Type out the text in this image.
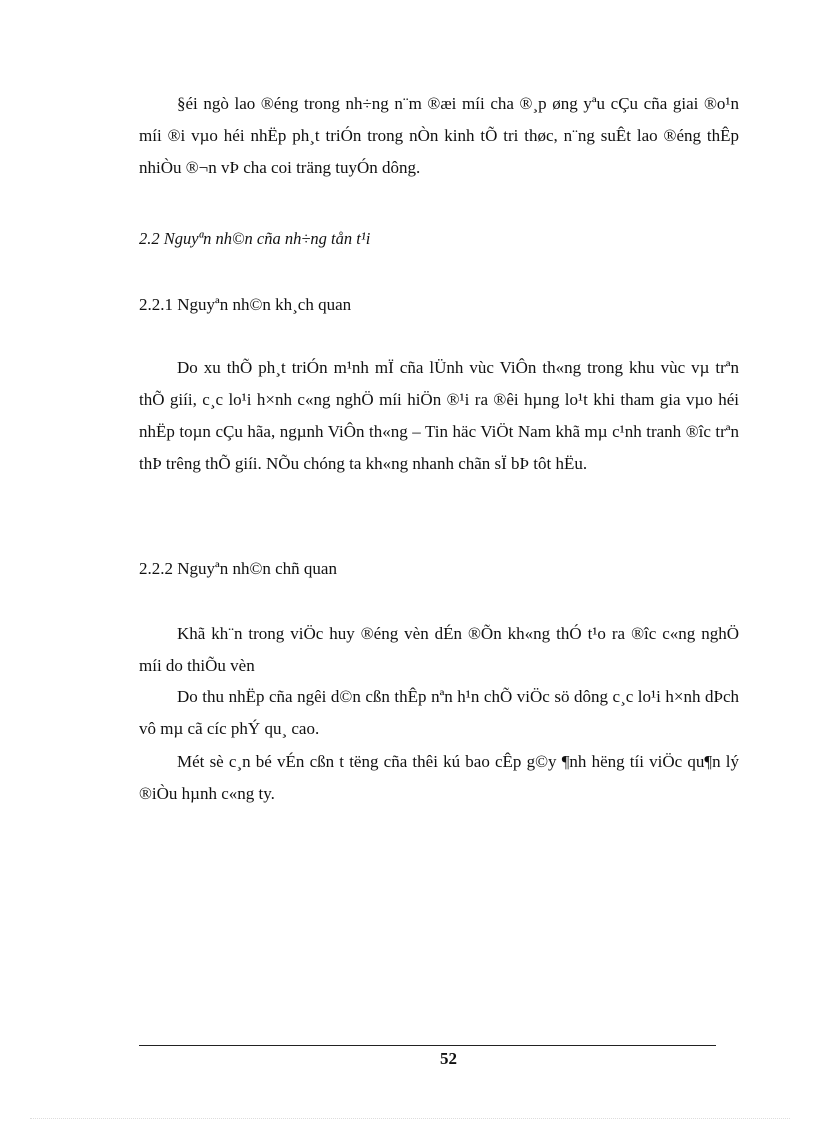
§éi ngò lao ®éng trong nh÷ng n¨m ®æi míi cha ®¸p øng yªu cÇu cña giai ®o¹n míi ®i vµo héi nhËp ph¸t triÓn trong nÒn kinh tÕ tri thøc, n¨ng suÊt lao ®éng thÊp nhiÒu ®¬n vÞ cha coi träng tuyÓn dông.

2.2 Nguyªn nh©n cña nh÷ng tån t¹i

2.2.1 Nguyªn nh©n kh¸ch quan

Do xu thÕ ph¸t triÓn m¹nh mÏ cña lÜnh vùc ViÔn th«ng trong khu vùc vµ trªn thÕ giíi, c¸c lo¹i h×nh c«ng nghÖ míi hiÖn ®¹i ra ®êi hµng lo¹t khi tham gia vµo héi nhËp toµn cÇu hãa, ngµnh ViÔn th«ng – Tin häc ViÖt Nam khã mµ c¹nh tranh ®îc trªn thÞ trêng thÕ giíi. NÕu chóng ta kh«ng nhanh chãn sÏ bÞ tôt hËu.

2.2.2 Nguyªn nh©n chñ quan

Khã kh¨n trong viÖc huy ®éng vèn dÉn ®Õn kh«ng thÓ t¹o ra ®îc c«ng nghÖ míi do thiÕu vèn

Do thu nhËp cña ngêi d©n cßn thÊp nªn h¹n chÕ viÖc sö dông c¸c lo¹i h×nh dÞch vô mµ cã cíc phÝ qu¸ cao.

Mét sè c¸n bé vÉn cßn t tëng cña thêi kú bao cÊp g©y ¶nh hëng tíi viÖc qu¶n lý ®iÒu hµnh c«ng ty.

52
